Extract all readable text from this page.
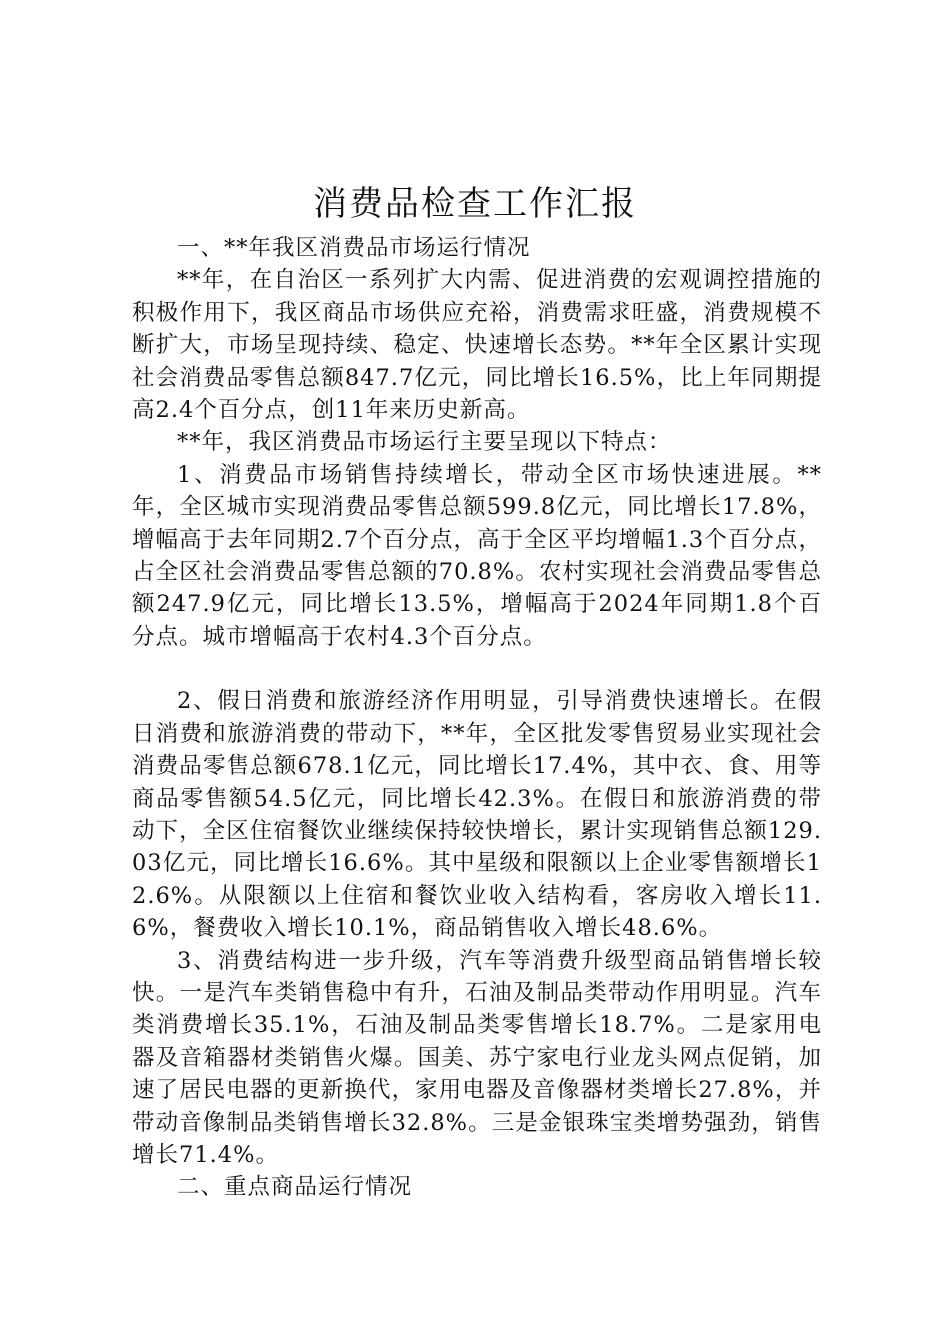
消费品检查工作汇报

一、**年我区消费品市场运行情况

**年，在自治区一系列扩大内需、促进消费的宏观调控措施的积极作用下，我区商品市场供应充裕，消费需求旺盛，消费规模不断扩大，市场呈现持续、稳定、快速增长态势。**年全区累计实现社会消费品零售总额847.7亿元，同比增长16.5%，比上年同期提高2.4个百分点，创11年来历史新高。

**年，我区消费品市场运行主要呈现以下特点：

1、消费品市场销售持续增长，带动全区市场快速进展。**年，全区城市实现消费品零售总额599.8亿元，同比增长17.8%，增幅高于去年同期2.7个百分点，高于全区平均增幅1.3个百分点，占全区社会消费品零售总额的70.8%。农村实现社会消费品零售总额247.9亿元，同比增长13.5%，增幅高于2024年同期1.8个百分点。城市增幅高于农村4.3个百分点。

2、假日消费和旅游经济作用明显，引导消费快速增长。在假日消费和旅游消费的带动下，**年，全区批发零售贸易业实现社会消费品零售总额678.1亿元，同比增长17.4%，其中衣、食、用等商品零售额54.5亿元，同比增长42.3%。在假日和旅游消费的带动下，全区住宿餐饮业继续保持较快增长，累计实现销售总额129.03亿元，同比增长16.6%。其中星级和限额以上企业零售额增长12.6%。从限额以上住宿和餐饮业收入结构看，客房收入增长11.6%，餐费收入增长10.1%，商品销售收入增长48.6%。

3、消费结构进一步升级，汽车等消费升级型商品销售增长较快。一是汽车类销售稳中有升，石油及制品类带动作用明显。汽车类消费增长35.1%，石油及制品类零售增长18.7%。二是家用电器及音箱器材类销售火爆。国美、苏宁家电行业龙头网点促销，加速了居民电器的更新换代，家用电器及音像器材类增长27.8%，并带动音像制品类销售增长32.8%。三是金银珠宝类增势强劲，销售增长71.4%。

二、重点商品运行情况
